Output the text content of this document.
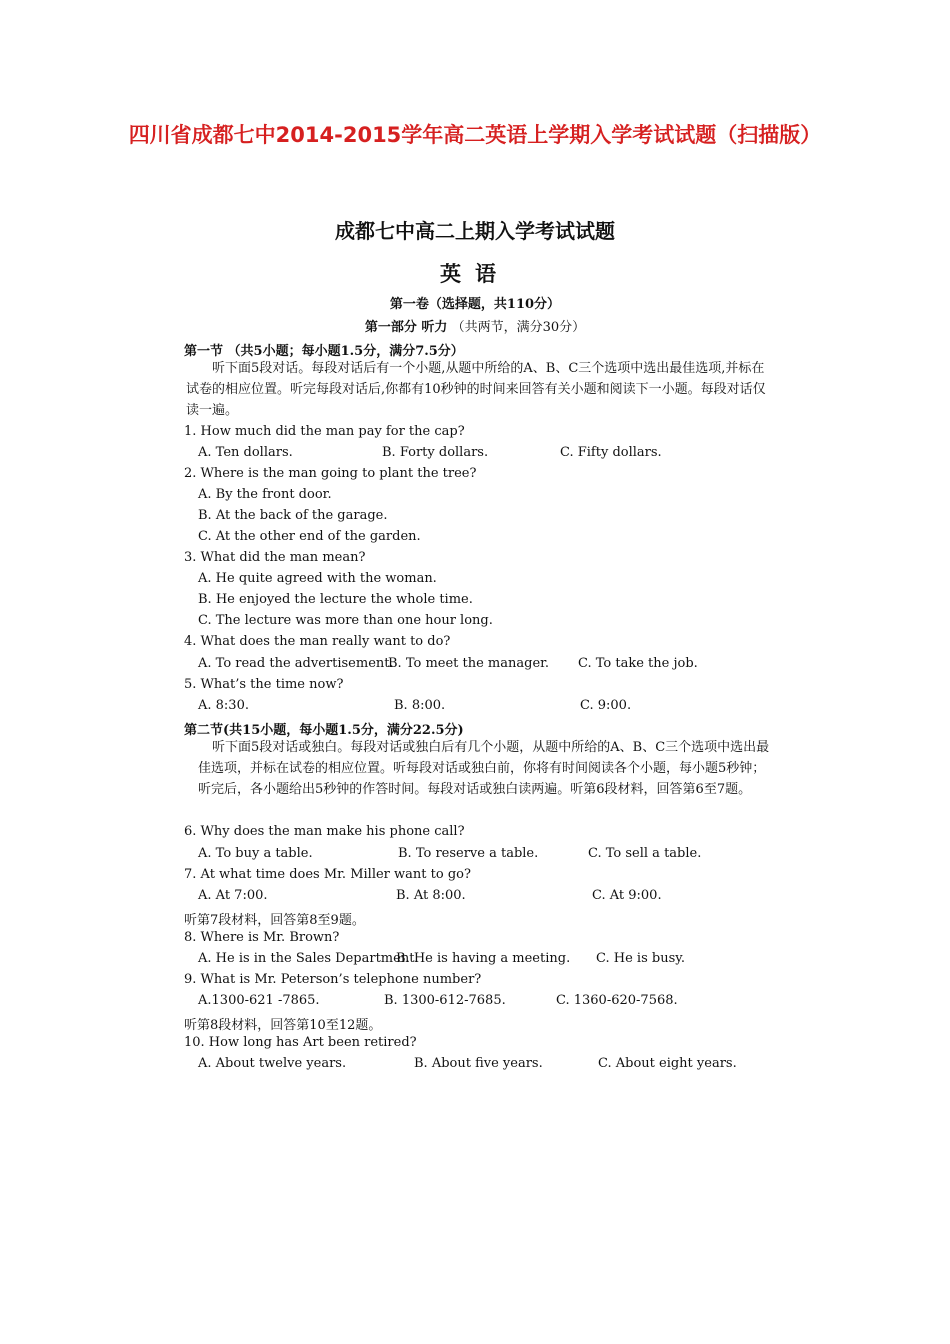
四川省成都七中2014-2015学年高二英语上学期入学考试试题（扫描版）
成都七中高二上期入学考试试题
英语
第一卷（选择题，共110分）
第一部分 听力 （共两节，满分30分）
第一节 （共5小题；每小题1.5分，满分7.5分）
听下面5段对话。每段对话后有一个小题,从题中所给的A、B、C三个选项中选出最佳选项,并标在试卷的相应位置。听完每段对话后,你都有10秒钟的时间来回答有关小题和阅读下一小题。每段对话仅读一遍。
1. How much did the man pay for the cap?
A. Ten dollars.	B. Forty dollars.	C. Fifty dollars.
2. Where is the man going to plant the tree?
A. By the front door.
B. At the back of the garage.
C. At the other end of the garden.
3. What did the man mean?
A. He quite agreed with the woman.
B. He enjoyed the lecture the whole time.
C. The lecture was more than one hour long.
4. What does the man really want to do?
A. To read the advertisement.
B. To meet the manager. C. To take the job.
5. What’s the time now?
A. 8:30.	B. 8:00.	C. 9:00.
第二节(共15小题，每小题1.5分，满分22.5分)
听下面5段对话或独白。每段对话或独白后有几个小题，从题中所给的A、B、C三个选项中选出最佳选项，并标在试卷的相应位置。听每段对话或独白前，你将有时间阅读各个小题，每小题5秒钟；听完后，各小题给出5秒钟的作答时间。每段对话或独白读两遍。听第6段材料，回答第6至7题。
6. Why does the man make his phone call?
A. To buy a table.	B. To reserve a table.	C. To sell a table.
7. At what time does Mr. Miller want to go?
A. At 7:00.	B. At 8:00.	C. At 9:00.
听第7段材料，回答第8至9题。
8. Where is Mr. Brown?
A. He is in the Sales Department.
B. He is having a meeting. C. He is busy.
9. What is Mr. Peterson’s telephone number?
A.1300-621 -7865.	B. 1300-612-7685.	C. 1360-620-7568.
听第8段材料，回答第10至12题。
10. How long has Art been retired?
A. About twelve years.	B. About five years.	C. About eight years.
